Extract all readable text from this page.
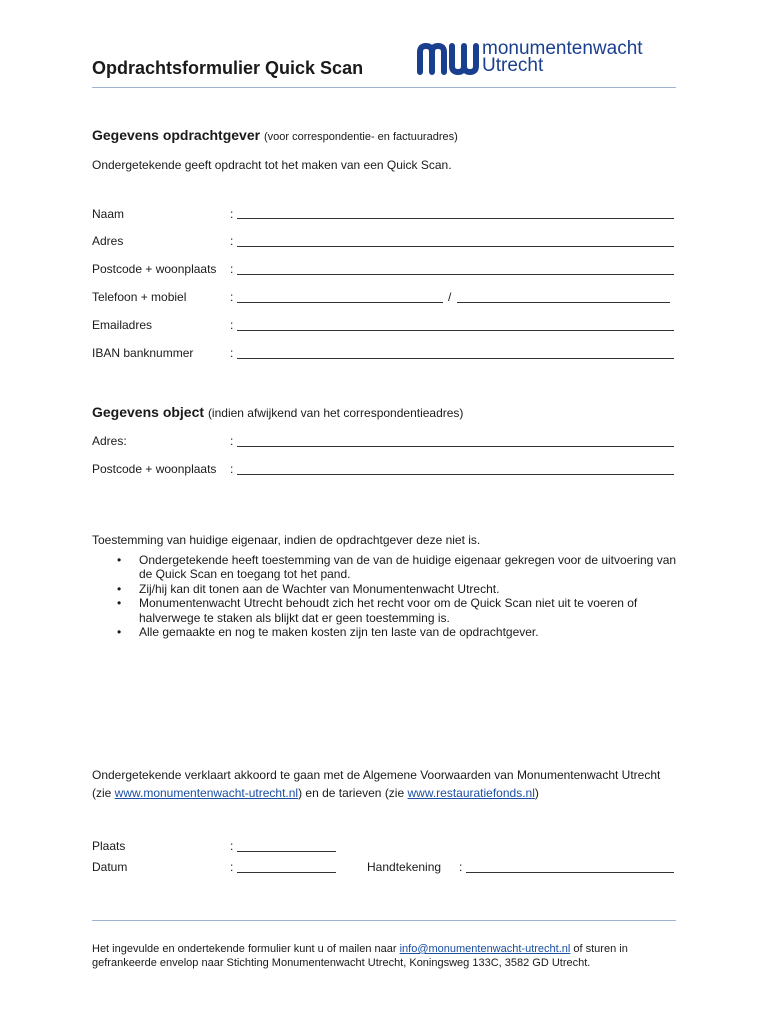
Opdrachtsformulier Quick Scan
monumentenwacht
Utrecht
Gegevens opdrachtgever (voor correspondentie- en factuuradres)
Ondergetekende geeft opdracht tot het maken van een Quick Scan.
Naam	:
Adres	:
Postcode + woonplaats :
Telefoon + mobiel	:	/
Emailadres	:
IBAN banknummer	:
Gegevens object (indien afwijkend van het correspondentieadres)
Adres:	:
Postcode + woonplaats :
Toestemming van huidige eigenaar, indien de opdrachtgever deze niet is.
• Ondergetekende heeft toestemming van de van de huidige eigenaar gekregen voor de uitvoering van de Quick Scan en toegang tot het pand.
• Zij/hij kan dit tonen aan de Wachter van Monumentenwacht Utrecht.
• Monumentenwacht Utrecht behoudt zich het recht voor om de Quick Scan niet uit te voeren of halverwege te staken als blijkt dat er geen toestemming is.
• Alle gemaakte en nog te maken kosten zijn ten laste van de opdrachtgever.
Ondergetekende verklaart akkoord te gaan met de Algemene Voorwaarden van Monumentenwacht Utrecht (zie www.monumentenwacht-utrecht.nl) en de tarieven (zie www.restauratiefonds.nl)
Plaats	:
Datum	:	Handtekening :
Het ingevulde en ondertekende formulier kunt u of mailen naar info@monumentenwacht-utrecht.nl of sturen in gefrankeerde envelop naar Stichting Monumentenwacht Utrecht, Koningsweg 133C, 3582 GD Utrecht.
